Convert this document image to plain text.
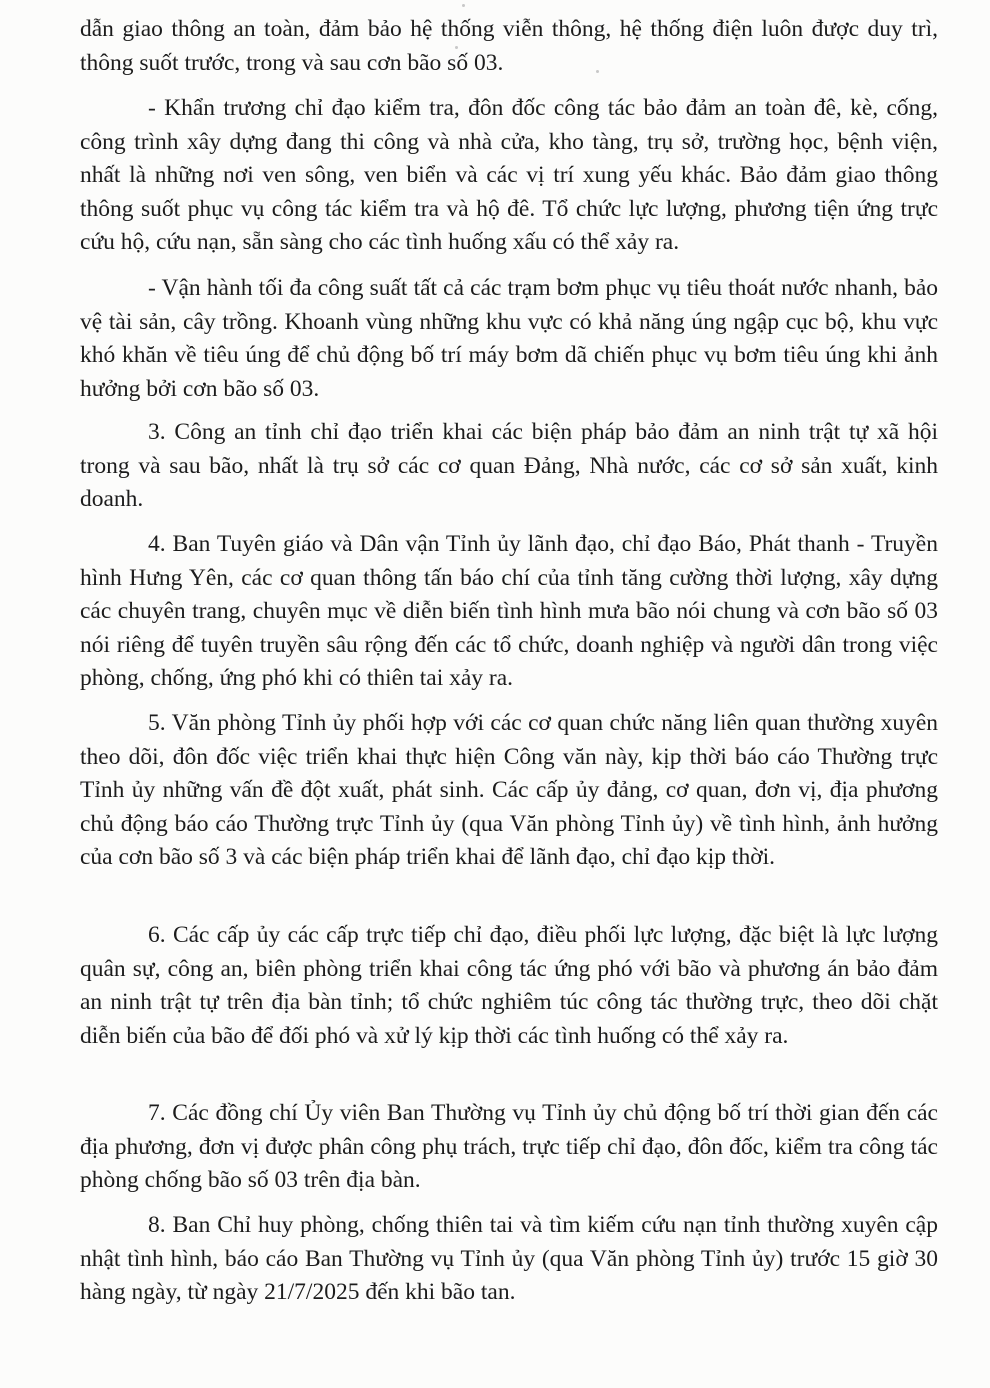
dẫn giao thông an toàn, đảm bảo hệ thống viễn thông, hệ thống điện luôn được duy trì, thông suốt trước, trong và sau cơn bão số 03.

- Khẩn trương chỉ đạo kiểm tra, đôn đốc công tác bảo đảm an toàn đê, kè, cống, công trình xây dựng đang thi công và nhà cửa, kho tàng, trụ sở, trường học, bệnh viện, nhất là những nơi ven sông, ven biển và các vị trí xung yếu khác. Bảo đảm giao thông thông suốt phục vụ công tác kiểm tra và hộ đê. Tổ chức lực lượng, phương tiện ứng trực cứu hộ, cứu nạn, sẵn sàng cho các tình huống xấu có thể xảy ra.

- Vận hành tối đa công suất tất cả các trạm bơm phục vụ tiêu thoát nước nhanh, bảo vệ tài sản, cây trồng. Khoanh vùng những khu vực có khả năng úng ngập cục bộ, khu vực khó khăn về tiêu úng để chủ động bố trí máy bơm dã chiến phục vụ bơm tiêu úng khi ảnh hưởng bởi cơn bão số 03.

3. Công an tỉnh chỉ đạo triển khai các biện pháp bảo đảm an ninh trật tự xã hội trong và sau bão, nhất là trụ sở các cơ quan Đảng, Nhà nước, các cơ sở sản xuất, kinh doanh.

4. Ban Tuyên giáo và Dân vận Tỉnh ủy lãnh đạo, chỉ đạo Báo, Phát thanh - Truyền hình Hưng Yên, các cơ quan thông tấn báo chí của tỉnh tăng cường thời lượng, xây dựng các chuyên trang, chuyên mục về diễn biến tình hình mưa bão nói chung và cơn bão số 03 nói riêng để tuyên truyền sâu rộng đến các tổ chức, doanh nghiệp và người dân trong việc phòng, chống, ứng phó khi có thiên tai xảy ra.

5. Văn phòng Tỉnh ủy phối hợp với các cơ quan chức năng liên quan thường xuyên theo dõi, đôn đốc việc triển khai thực hiện Công văn này, kịp thời báo cáo Thường trực Tỉnh ủy những vấn đề đột xuất, phát sinh. Các cấp ủy đảng, cơ quan, đơn vị, địa phương chủ động báo cáo Thường trực Tỉnh ủy (qua Văn phòng Tỉnh ủy) về tình hình, ảnh hưởng của cơn bão số 3 và các biện pháp triển khai để lãnh đạo, chỉ đạo kịp thời.

6. Các cấp ủy các cấp trực tiếp chỉ đạo, điều phối lực lượng, đặc biệt là lực lượng quân sự, công an, biên phòng triển khai công tác ứng phó với bão và phương án bảo đảm an ninh trật tự trên địa bàn tỉnh; tổ chức nghiêm túc công tác thường trực, theo dõi chặt diễn biến của bão để đối phó và xử lý kịp thời các tình huống có thể xảy ra.

7. Các đồng chí Ủy viên Ban Thường vụ Tỉnh ủy chủ động bố trí thời gian đến các địa phương, đơn vị được phân công phụ trách, trực tiếp chỉ đạo, đôn đốc, kiểm tra công tác phòng chống bão số 03 trên địa bàn.

8. Ban Chỉ huy phòng, chống thiên tai và tìm kiếm cứu nạn tỉnh thường xuyên cập nhật tình hình, báo cáo Ban Thường vụ Tỉnh ủy (qua Văn phòng Tỉnh ủy) trước 15 giờ 30 hàng ngày, từ ngày 21/7/2025 đến khi bão tan.
